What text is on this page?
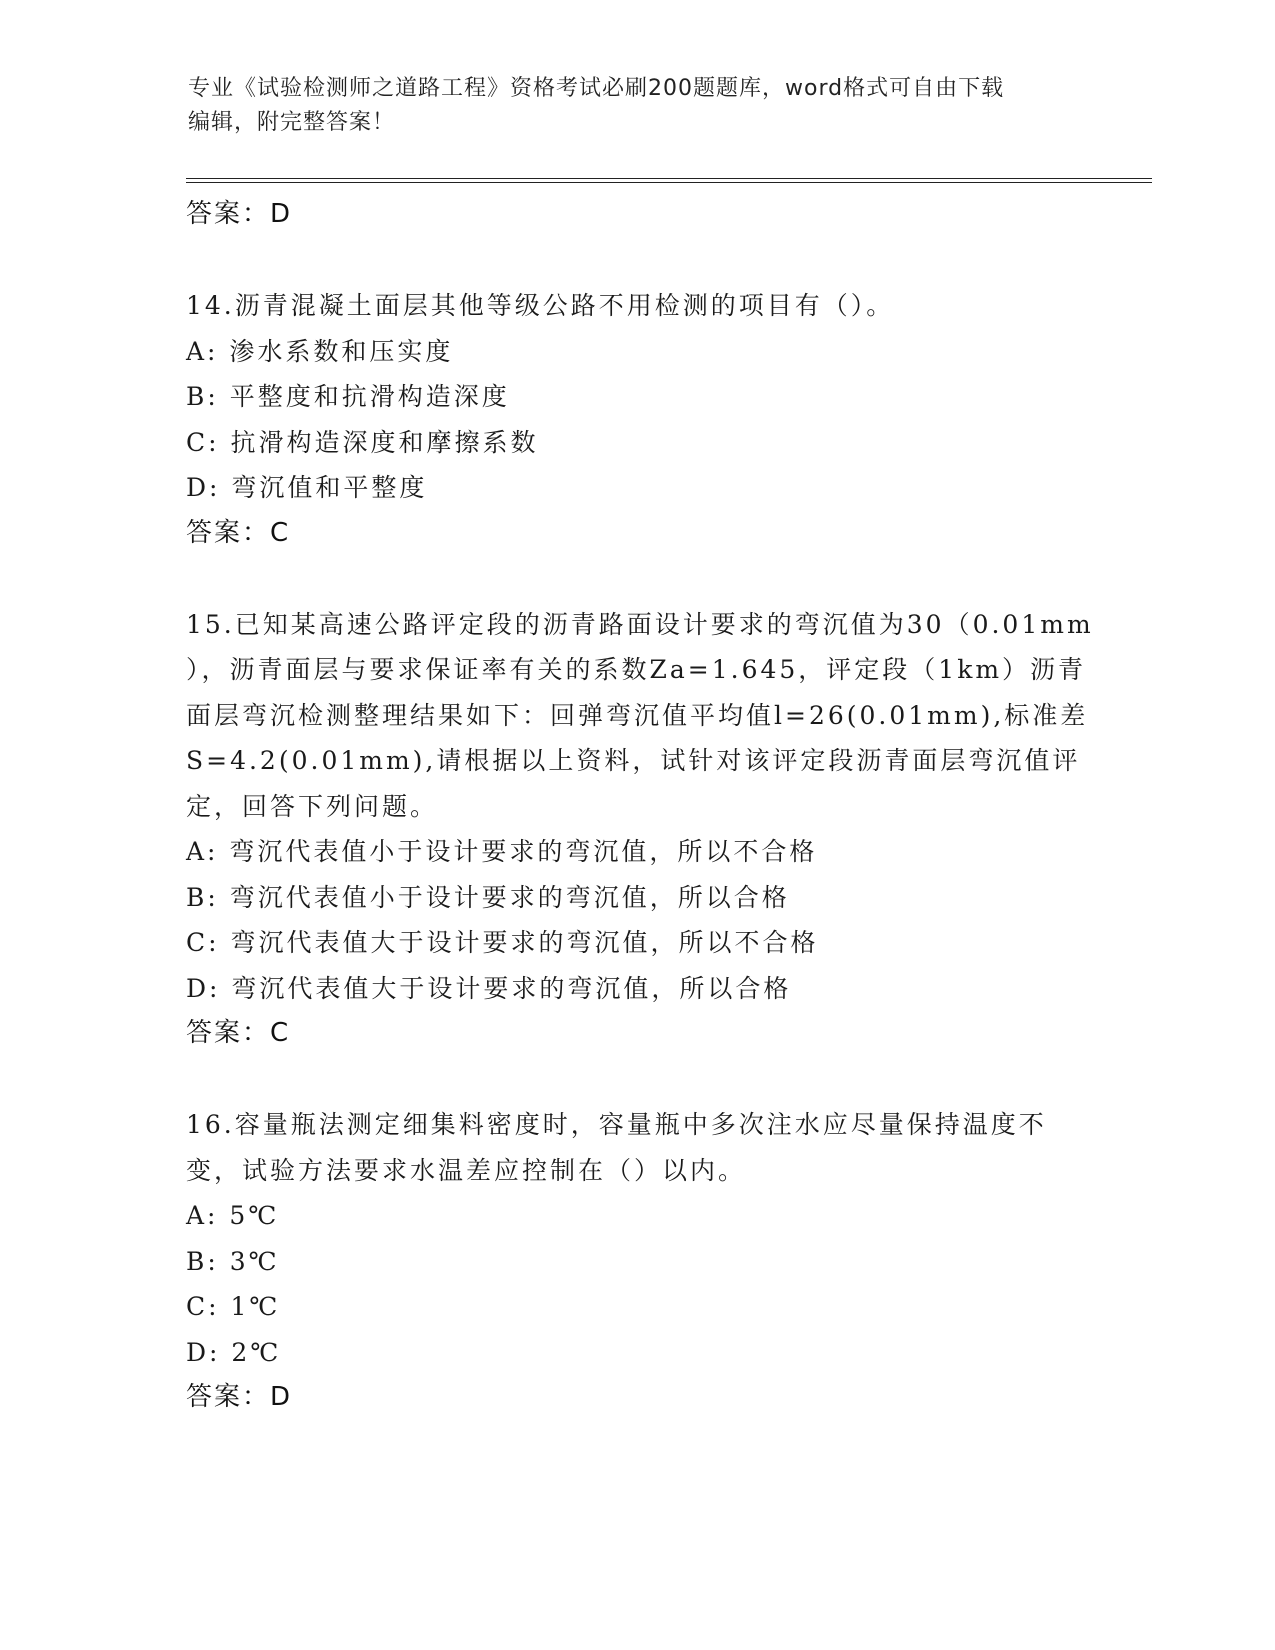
专业《试验检测师之道路工程》资格考试必刷200题题库，word格式可自由下载
编辑，附完整答案！
答案：D
14.沥青混凝土面层其他等级公路不用检测的项目有（）。
A: 渗水系数和压实度
B: 平整度和抗滑构造深度
C: 抗滑构造深度和摩擦系数
D: 弯沉值和平整度
答案：C
15.已知某高速公路评定段的沥青路面设计要求的弯沉值为30（0.01mm
），沥青面层与要求保证率有关的系数Za=1.645，评定段（1km）沥青
面层弯沉检测整理结果如下：回弹弯沉值平均值l=26(0.01mm),标准差
S=4.2(0.01mm),请根据以上资料，试针对该评定段沥青面层弯沉值评
定，回答下列问题。
A: 弯沉代表值小于设计要求的弯沉值，所以不合格
B: 弯沉代表值小于设计要求的弯沉值，所以合格
C: 弯沉代表值大于设计要求的弯沉值，所以不合格
D: 弯沉代表值大于设计要求的弯沉值，所以合格
答案：C
16.容量瓶法测定细集料密度时，容量瓶中多次注水应尽量保持温度不
变，试验方法要求水温差应控制在（）以内。
A: 5℃
B: 3℃
C: 1℃
D: 2℃
答案：D
